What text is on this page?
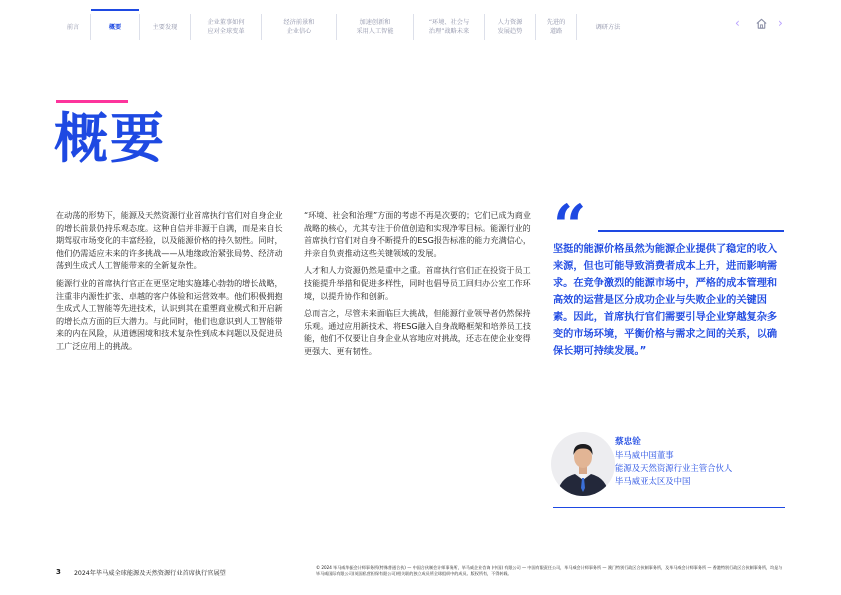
前言	概要	主要发现
企业董事如何
应对全球变革
经济前景和
企业信心
加速创新和
采用人工智能
“环境、社会与
治理”战略未来
人力资源
发展趋势
先进的
道路
调研方法	‹	›
概要

在动荡的形势下，能源及天然资源行业首席执行官们对自身企业的增长前景仍持乐观态度。这种自信并非源于自满，而是来自长期驾驭市场变化的丰富经验，以及能源价格的持久韧性。同时，他们仍需适应未来的许多挑战——从地缘政治紧张局势、经济动荡到生成式人工智能带来的全新复杂性。

能源行业的首席执行官正在更坚定地实施雄心勃勃的增长战略，注重非内源性扩张、卓越的客户体验和运营效率。他们积极拥抱生成式人工智能等先进技术，认识到其在重塑商业模式和开启新的增长点方面的巨大潜力。与此同时，他们也意识到人工智能带来的内在风险，从道德困境和技术复杂性到成本问题以及促进员工广泛应用上的挑战。

“环境、社会和治理”方面的考虑不再是次要的；它们已成为商业战略的核心，尤其专注于价值创造和实现净零目标。能源行业的首席执行官们对自身不断提升的ESG报告标准的能力充满信心，并亲自负责推动这些关键领域的发展。

人才和人力资源仍然是重中之重。首席执行官们正在投资于员工技能提升举措和促进多样性，同时也倡导员工回归办公室工作环境，以提升协作和创新。

总而言之，尽管未来面临巨大挑战，但能源行业领导者仍然保持乐观。通过应用新技术、将ESG融入自身战略框架和培养员工技能，他们不仅要让自身企业从容地应对挑战，还志在使企业变得更强大、更有韧性。

“
坚挺的能源价格虽然为能源企业提供了稳定的收入来源，但也可能导致消费者成本上升，进而影响需求。在竞争激烈的能源市场中，严格的成本管理和高效的运营是区分成功企业与失败企业的关键因素。因此，首席执行官们需要引导企业穿越复杂多变的市场环境，平衡价格与需求之间的关系，以确保长期可持续发展。”
蔡忠铨
毕马威中国董事
能源及天然资源行业主管合伙人
毕马威亚太区及中国
3 2024年毕马威全球能源及天然资源行业首席执行官展望
© 2024 毕马威华振会计师事务所(特殊普通合伙) — 中国合伙制会计师事务所，毕马威企业咨询 (中国) 有限公司 — 中国有限责任公司，毕马威会计师事务所 — 澳门特别行政区合伙制事务所，及毕马威会计师事务所 — 香港特别行政区合伙制事务所，均是与毕马威国际有限公司(英国私营担保有限公司)相关联的独立成员所全球组织中的成员。版权所有，不得转载。
